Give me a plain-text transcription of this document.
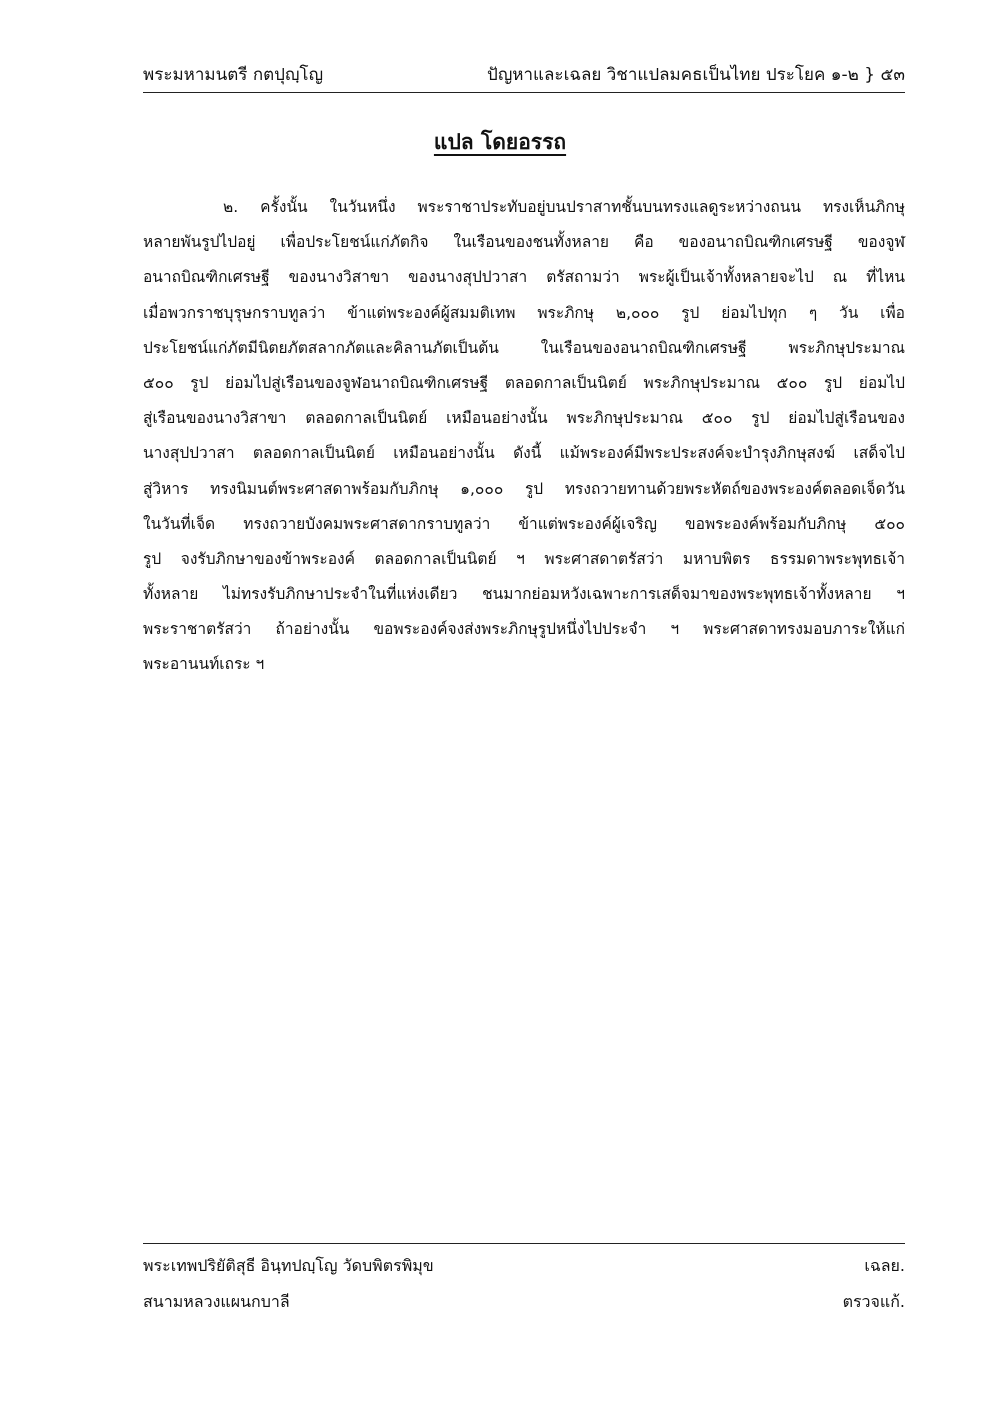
พระมหามนตรี กตปุญฺโญ	ปัญหาและเฉลย วิชาแปลมคธเป็นไทย ประโยค ๑-๒ } ๕๓
แปล โดยอรรถ
๒. ครั้งนั้น ในวันหนึ่ง พระราชาประทับอยู่บนปราสาทชั้นบนทรงแลดูระหว่างถนน ทรงเห็นภิกษุ
หลายพันรูปไปอยู่ เพื่อประโยชน์แก่ภัตกิจ ในเรือนของชนทั้งหลาย คือ ของอนาถบิณฑิกเศรษฐี ของจูฬ
อนาถบิณฑิกเศรษฐี ของนางวิสาขา ของนางสุปปวาสา ตรัสถามว่า พระผู้เป็นเจ้าทั้งหลายจะไป ณ ที่ไหน
เมื่อพวกราชบุรุษกราบทูลว่า ข้าแต่พระองค์ผู้สมมติเทพ พระภิกษุ ๒,๐๐๐ รูป ย่อมไปทุก ๆ วัน เพื่อ
ประโยชน์แก่ภัตมีนิตยภัตสลากภัตและคิลานภัตเป็นต้น ในเรือนของอนาถบิณฑิกเศรษฐี พระภิกษุประมาณ
๕๐๐ รูป ย่อมไปสู่เรือนของจูฬอนาถบิณฑิกเศรษฐี ตลอดกาลเป็นนิตย์ พระภิกษุประมาณ ๕๐๐ รูป ย่อมไป
สู่เรือนของนางวิสาขา ตลอดกาลเป็นนิตย์ เหมือนอย่างนั้น พระภิกษุประมาณ ๕๐๐ รูป ย่อมไปสู่เรือนของ
นางสุปปวาสา ตลอดกาลเป็นนิตย์ เหมือนอย่างนั้น ดังนี้ แม้พระองค์มีพระประสงค์จะบำรุงภิกษุสงฆ์ เสด็จไป
สู่วิหาร ทรงนิมนต์พระศาสดาพร้อมกับภิกษุ ๑,๐๐๐ รูป ทรงถวายทานด้วยพระหัตถ์ของพระองค์ตลอดเจ็ดวัน
ในวันที่เจ็ด ทรงถวายบังคมพระศาสดากราบทูลว่า ข้าแต่พระองค์ผู้เจริญ ขอพระองค์พร้อมกับภิกษุ ๕๐๐
รูป จงรับภิกษาของข้าพระองค์ ตลอดกาลเป็นนิตย์ ฯ พระศาสดาตรัสว่า มหาบพิตร ธรรมดาพระพุทธเจ้า
ทั้งหลาย ไม่ทรงรับภิกษาประจำในที่แห่งเดียว ชนมากย่อมหวังเฉพาะการเสด็จมาของพระพุทธเจ้าทั้งหลาย ฯ
พระราชาตรัสว่า ถ้าอย่างนั้น ขอพระองค์จงส่งพระภิกษุรูปหนึ่งไปประจำ ฯ พระศาสดาทรงมอบภาระให้แก่
พระอานนท์เถระ ฯ
พระเทพปริยัติสุธี อินฺทปญฺโญ วัดบพิตรพิมุข	เฉลย.
สนามหลวงแผนกบาลี	ตรวจแก้.
